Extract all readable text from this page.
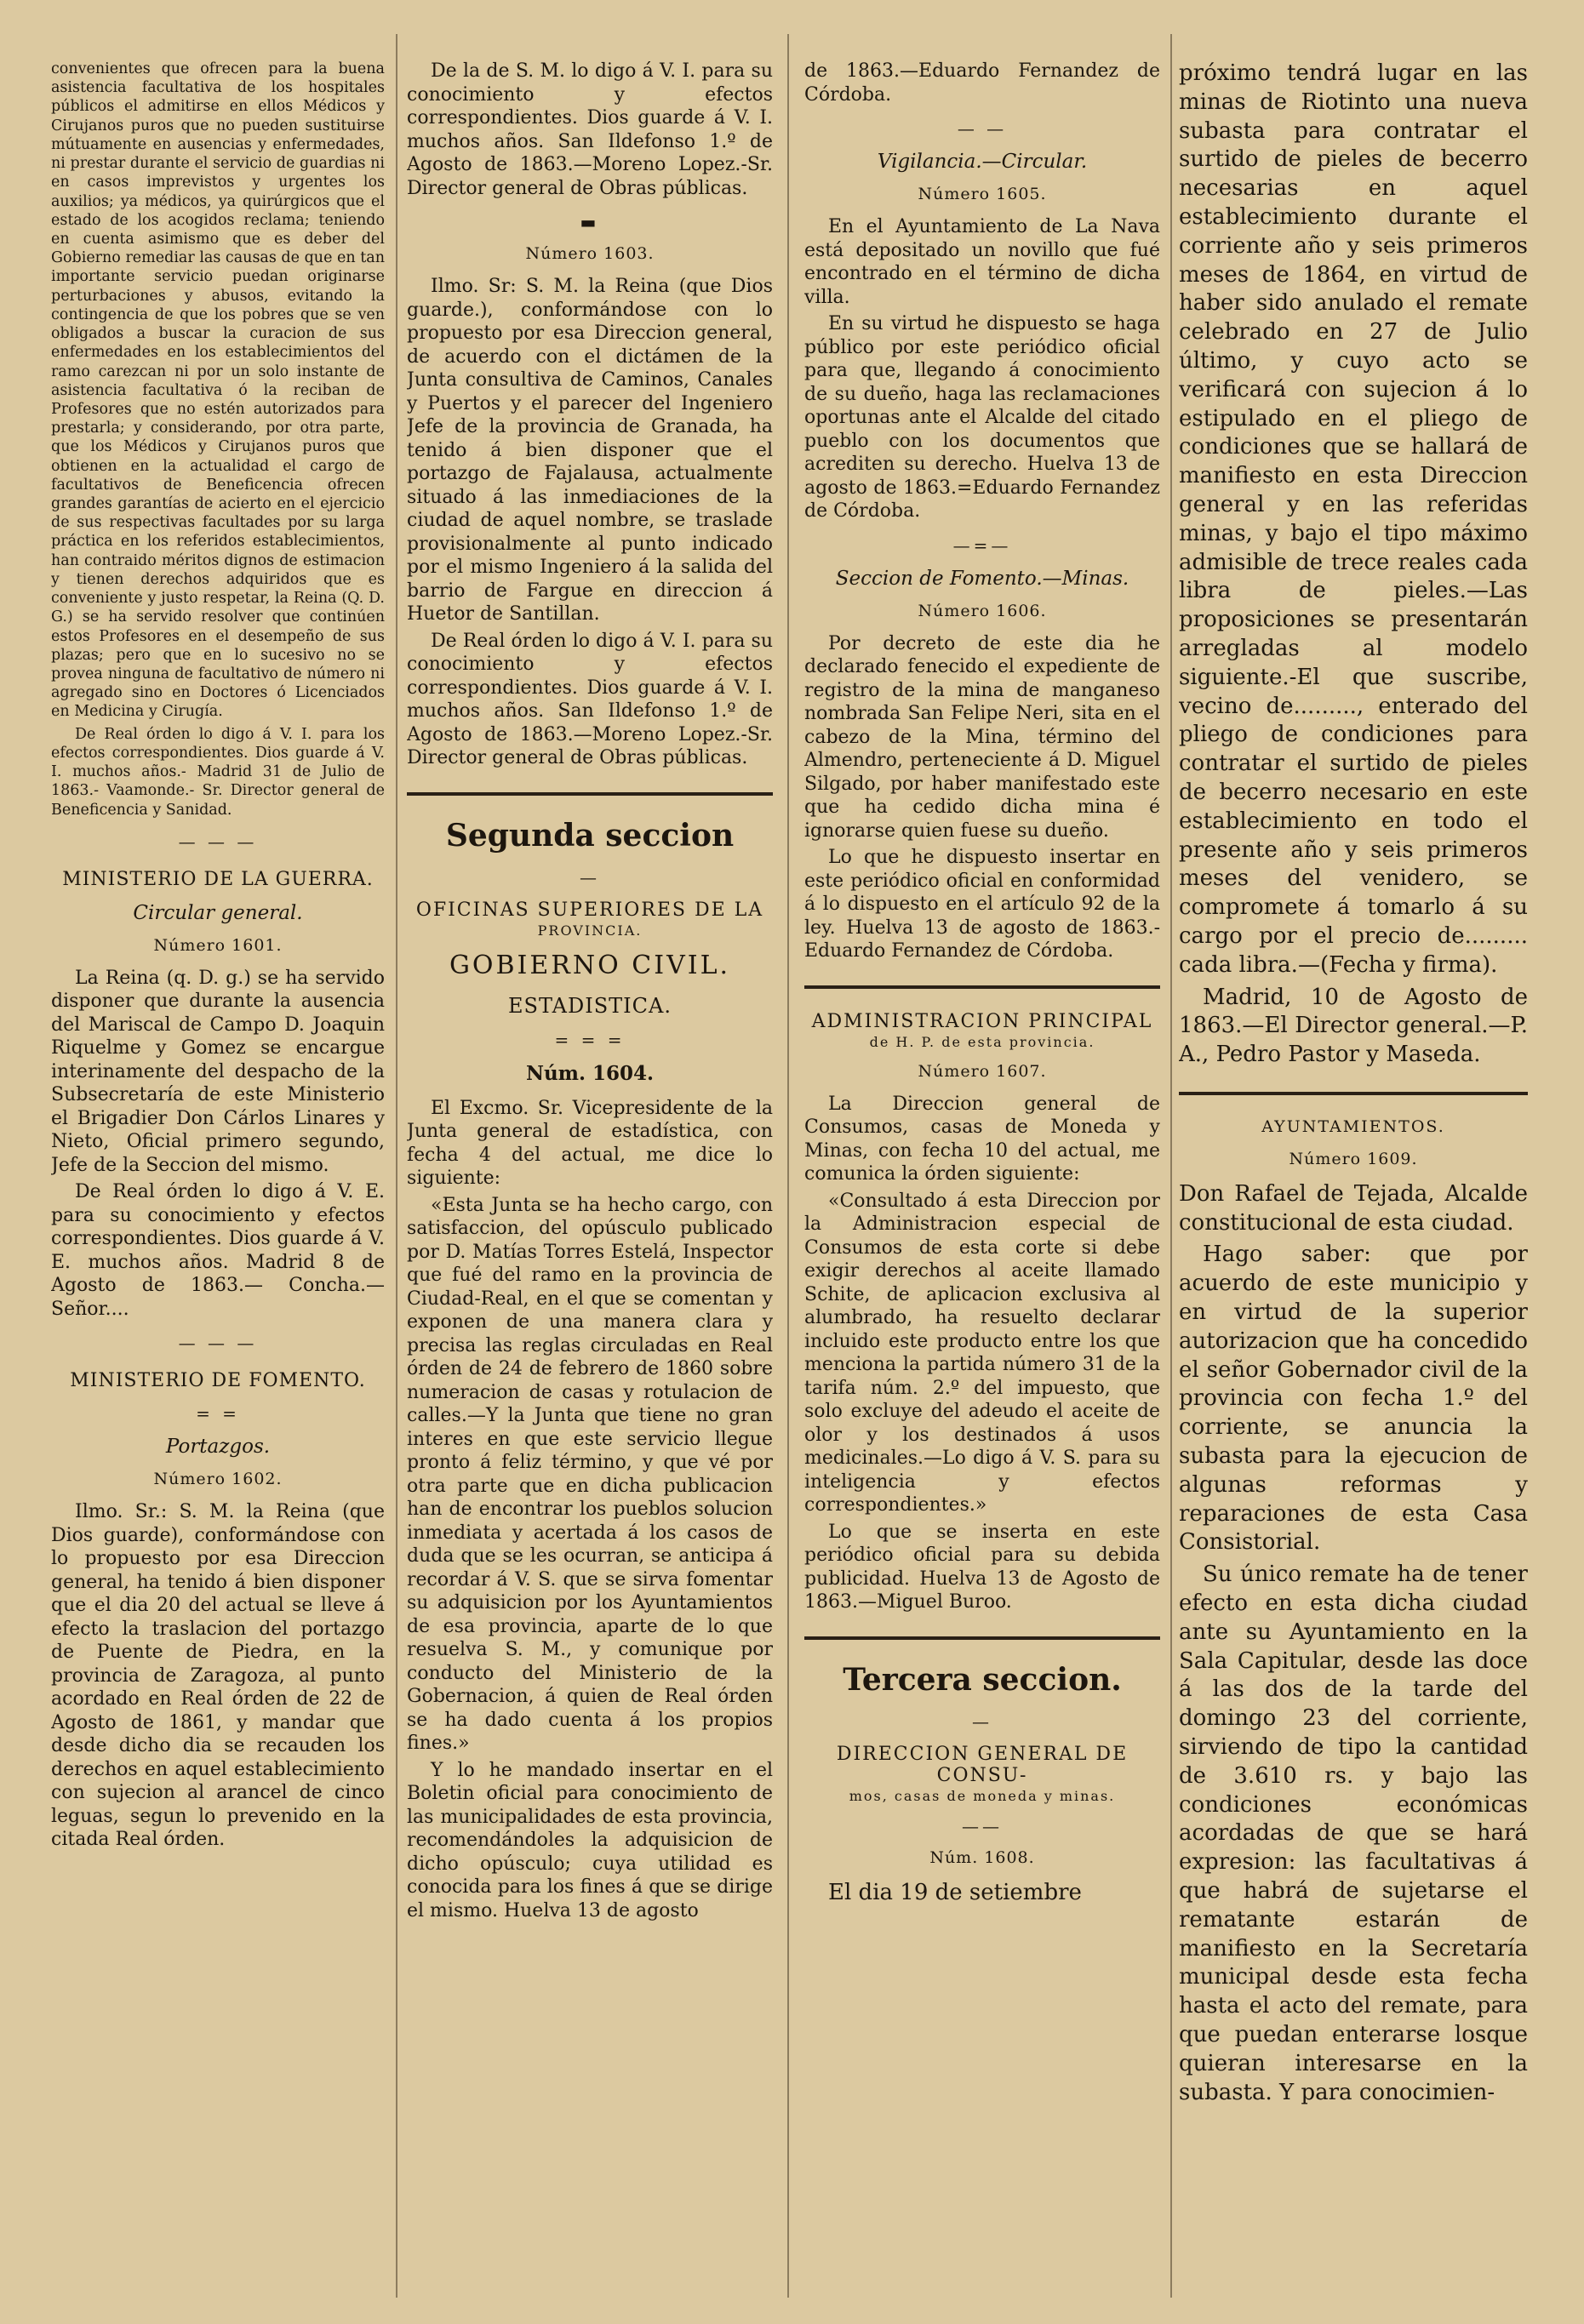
convenientes que ofrecen para la buena asistencia facultativa de los hospitales públicos el admitirse en ellos Médicos y Cirujanos puros que no pueden sustituirse mútuamente en ausencias y enfermedades, ni prestar durante el servicio de guardias ni en casos imprevistos y urgentes los auxilios; ya médicos, ya quirúrgicos que el estado de los acogidos reclama; teniendo en cuenta asimismo que es deber del Gobierno remediar las causas de que en tan importante servicio puedan originarse perturbaciones y abusos, evitando la contingencia de que los pobres que se ven obligados a buscar la curacion de sus enfermedades en los establecimientos del ramo carezcan ni por un solo instante de asistencia facultativa ó la reciban de Profesores que no estén autorizados para prestarla; y considerando, por otra parte, que los Médicos y Cirujanos puros que obtienen en la actualidad el cargo de facultativos de Beneficencia ofrecen grandes garantías de acierto en el ejercicio de sus respectivas facultades por su larga práctica en los referidos establecimientos, han contraido méritos dignos de estimacion y tienen derechos adquiridos que es conveniente y justo respetar, la Reina (Q. D. G.) se ha servido resolver que continúen estos Profesores en el desempeño de sus plazas; pero que en lo sucesivo no se provea ninguna de facultativo de número ni agregado sino en Doctores ó Licenciados en Medicina y Cirugía.

De Real órden lo digo á V. I. para los efectos correspondientes. Dios guarde á V. I. muchos años.- Madrid 31 de Julio de 1863.- Vaamonde.- Sr. Director general de Beneficencia y Sanidad.

— — —
MINISTERIO DE LA GUERRA.
Circular general.
Número 1601.

La Reina (q. D. g.) se ha servido disponer que durante la ausencia del Mariscal de Campo D. Joaquin Riquelme y Gomez se encargue interinamente del despacho de la Subsecretaría de este Ministerio el Brigadier Don Cárlos Linares y Nieto, Oficial primero segundo, Jefe de la Seccion del mismo.

De Real órden lo digo á V. E. para su conocimiento y efectos correspondientes. Dios guarde á V. E. muchos años. Madrid 8 de Agosto de 1863.— Concha.— Señor....

— — —
MINISTERIO DE FOMENTO.
= =
Portazgos.
Número 1602.

Ilmo. Sr.: S. M. la Reina (que Dios guarde), conformándose con lo propuesto por esa Direccion general, ha tenido á bien disponer que el dia 20 del actual se lleve á efecto la traslacion del portazgo de Puente de Piedra, en la provincia de Zaragoza, al punto acordado en Real órden de 22 de Agosto de 1861, y mandar que desde dicho dia se recauden los derechos en aquel establecimiento con sujecion al arancel de cinco leguas, segun lo prevenido en la citada Real órden.

De la de S. M. lo digo á V. I. para su conocimiento y efectos correspondientes. Dios guarde á V. I. muchos años. San Ildefonso 1.º de Agosto de 1863.—Moreno Lopez.-Sr. Director general de Obras públicas.

▬
Número 1603.

Ilmo. Sr: S. M. la Reina (que Dios guarde.), conformándose con lo propuesto por esa Direccion general, de acuerdo con el dictámen de la Junta consultiva de Caminos, Canales y Puertos y el parecer del Ingeniero Jefe de la provincia de Granada, ha tenido á bien disponer que el portazgo de Fajalausa, actualmente situado á las inmediaciones de la ciudad de aquel nombre, se traslade provisionalmente al punto indicado por el mismo Ingeniero á la salida del barrio de Fargue en direccion á Huetor de Santillan.

De Real órden lo digo á V. I. para su conocimiento y efectos correspondientes. Dios guarde á V. I. muchos años. San Ildefonso 1.º de Agosto de 1863.—Moreno Lopez.-Sr. Director general de Obras públicas.

Segunda seccion
—
OFICINAS SUPERIORES DE LA
PROVINCIA.
GOBIERNO CIVIL.
ESTADISTICA.
= = =
Núm. 1604.

El Excmo. Sr. Vicepresidente de la Junta general de estadística, con fecha 4 del actual, me dice lo siguiente:

«Esta Junta se ha hecho cargo, con satisfaccion, del opúsculo publicado por D. Matías Torres Estelá, Inspector que fué del ramo en la provincia de Ciudad-Real, en el que se comentan y exponen de una manera clara y precisa las reglas circuladas en Real órden de 24 de febrero de 1860 sobre numeracion de casas y rotulacion de calles.—Y la Junta que tiene no gran interes en que este servicio llegue pronto á feliz término, y que vé por otra parte que en dicha publicacion han de encontrar los pueblos solucion inmediata y acertada á los casos de duda que se les ocurran, se anticipa á recordar á V. S. que se sirva fomentar su adquisicion por los Ayuntamientos de esa provincia, aparte de lo que resuelva S. M., y comunique por conducto del Ministerio de la Gobernacion, á quien de Real órden se ha dado cuenta á los propios fines.»

Y lo he mandado insertar en el Boletin oficial para conocimiento de las municipalidades de esta provincia, recomendándoles la adquisicion de dicho opúsculo; cuya utilidad es conocida para los fines á que se dirige el mismo. Huelva 13 de agosto

de 1863.—Eduardo Fernandez de Córdoba.

— —
Vigilancia.—Circular.
Número 1605.

En el Ayuntamiento de La Nava está depositado un novillo que fué encontrado en el término de dicha villa.

En su virtud he dispuesto se haga público por este periódico oficial para que, llegando á conocimiento de su dueño, haga las reclamaciones oportunas ante el Alcalde del citado pueblo con los documentos que acrediten su derecho. Huelva 13 de agosto de 1863.=Eduardo Fernandez de Córdoba.

—=—
Seccion de Fomento.—Minas.
Número 1606.

Por decreto de este dia he declarado fenecido el expediente de registro de la mina de manganeso nombrada San Felipe Neri, sita en el cabezo de la Mina, término del Almendro, perteneciente á D. Miguel Silgado, por haber manifestado este que ha cedido dicha mina é ignorarse quien fuese su dueño.

Lo que he dispuesto insertar en este periódico oficial en conformidad á lo dispuesto en el artículo 92 de la ley. Huelva 13 de agosto de 1863.-Eduardo Fernandez de Córdoba.

ADMINISTRACION PRINCIPAL
de H. P. de esta provincia.
Número 1607.

La Direccion general de Consumos, casas de Moneda y Minas, con fecha 10 del actual, me comunica la órden siguiente:

«Consultado á esta Direccion por la Administracion especial de Consumos de esta corte si debe exigir derechos al aceite llamado Schite, de aplicacion exclusiva al alumbrado, ha resuelto declarar incluido este producto entre los que menciona la partida número 31 de la tarifa núm. 2.º del impuesto, que solo excluye del adeudo el aceite de olor y los destinados á usos medicinales.—Lo digo á V. S. para su inteligencia y efectos correspondientes.»

Lo que se inserta en este periódico oficial para su debida publicidad. Huelva 13 de Agosto de 1863.—Miguel Buroo.

Tercera seccion.
—
DIRECCION GENERAL DE CONSU-
mos, casas de moneda y minas.
——
Núm. 1608.

El dia 19 de setiembre

próximo tendrá lugar en las minas de Riotinto una nueva subasta para contratar el surtido de pieles de becerro necesarias en aquel establecimiento durante el corriente año y seis primeros meses de 1864, en virtud de haber sido anulado el remate celebrado en 27 de Julio último, y cuyo acto se verificará con sujecion á lo estipulado en el pliego de condiciones que se hallará de manifiesto en esta Direccion general y en las referidas minas, y bajo el tipo máximo admisible de trece reales cada libra de pieles.—Las proposiciones se presentarán arregladas al modelo siguiente.-El que suscribe, vecino de........., enterado del pliego de condiciones para contratar el surtido de pieles de becerro necesario en este establecimiento en todo el presente año y seis primeros meses del venidero, se compromete á tomarlo á su cargo por el precio de......... cada libra.—(Fecha y firma).

Madrid, 10 de Agosto de 1863.—El Director general.—P. A., Pedro Pastor y Maseda.

AYUNTAMIENTOS.
Número 1609.

Don Rafael de Tejada, Alcalde constitucional de esta ciudad.

Hago saber: que por acuerdo de este municipio y en virtud de la superior autorizacion que ha concedido el señor Gobernador civil de la provincia con fecha 1.º del corriente, se anuncia la subasta para la ejecucion de algunas reformas y reparaciones de esta Casa Consistorial.

Su único remate ha de tener efecto en esta dicha ciudad ante su Ayuntamiento en la Sala Capitular, desde las doce á las dos de la tarde del domingo 23 del corriente, sirviendo de tipo la cantidad de 3.610 rs. y bajo las condiciones económicas acordadas de que se hará expresion: las facultativas á que habrá de sujetarse el rematante estarán de manifiesto en la Secretaría municipal desde esta fecha hasta el acto del remate, para que puedan enterarse losque quieran interesarse en la subasta. Y para conocimien-
